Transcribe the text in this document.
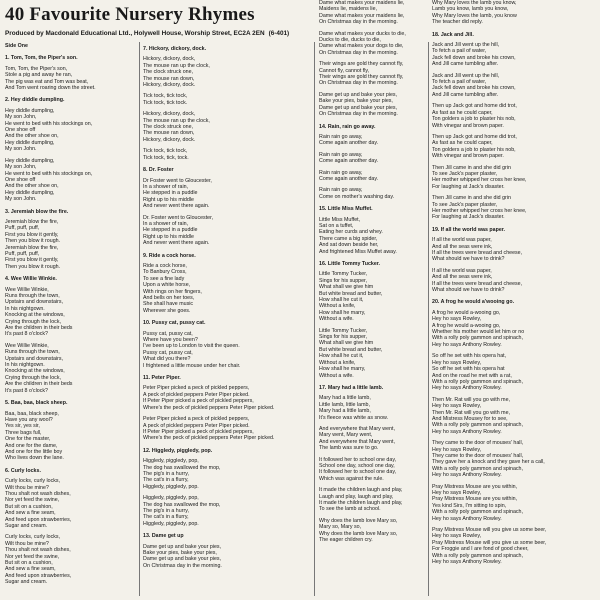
40 Favourite Nursery Rhymes
Produced by Macdonald Educational Ltd., Holywell House, Worship Street, EC2A 2EN (6-401)
Side One
1. Tom, Tom, the Piper's son.

Tom, Tom, the Piper's son,
Stole a pig and away he ran,
The pig was eat and Tom was beat,
And Tom went roaring down the street.

2. Hey diddle dumpling.

Hey diddle dumpling,
My son John,
He went to bed with his stockings on,
One shoe off
And the other shoe on,
Hey diddle dumpling,
My son John.

Hey diddle dumpling,
My son John,
He went to bed with his stockings on,
One shoe off
And the other shoe on,
Hey diddle dumpling,
My son John.

3. Jeremiah blow the fire.

Jeremiah blow the fire,
Puff, puff, puff,
First you blow it gently,
Then you blow it rough.
Jeremiah blow the fire,
Puff, puff, puff,
First you blow it gently,
Then you blow it rough.

4. Wee Willie Winkie.

Wee Willie Winkie,
Runs through the town,
Upstairs and downstairs,
In his nightgown.
Knocking at the windows,
Crying through the lock,
Are the children in their beds
It's past 8 o'clock?

Wee Willie Winkie,
Runs through the town,
Upstairs and downstairs,
In his nightgown.
Knocking at the windows,
Crying through the lock,
Are the children in their beds
It's past 8 o'clock?

5. Baa, baa, black sheep.

Baa, baa, black sheep,
Have you any wool?
Yes sir, yes sir,
Three bags full,
One for the master,
And one for the dame,
And one for the little boy
Who lives down the lane.

6. Curly locks.

Curly locks, curly locks,
Wilt thou be mine?
Thou shalt not wash dishes,
Nor yet feed the swine,
But sit on a cushion,
And sew a fine seam,
And feed upon strawberries,
Sugar and cream.

Curly locks, curly locks,
Wilt thou be mine?
Thou shalt not wash dishes,
Nor yet feed the swine,
But sit on a cushion,
And sew a fine seam,
And feed upon strawberries,
Sugar and cream.

7. Hickory, dickory, dock.

Hickory, dickory, dock,
The mouse ran up the clock,
The clock struck one,
The mouse ran down,
Hickory, dickory, dock.

Tick tock, tick tock,
Tick tock, tick tock.

Hickory, dickory, dock,
The mouse ran up the clock,
The clock struck one,
The mouse ran down,
Hickory, dickory, dock.

Tick tock, tick tock,
Tick tock, tick, tock.

8. Dr. Foster

Dr Foster went to Gloucester,
In a shower of rain,
He stepped in a puddle
Right up to his middle
And never went there again.

Dr. Foster went to Gloucester,
In a shower of rain,
He stepped in a puddle
Right up to his middle
And never went there again.

9. Ride a cock horse.

Ride a cock horse,
To Banbury Cross,
To see a fine lady
Upon a white horse,
With rings on her fingers,
And bells on her toes,
She shall have music
Wherever she goes.

10. Pussy cat, pussy cat.

Pussy cat, pussy cat,
Where have you been?
I've been up to London to visit the queen.
Pussy cat, pussy cat,
What did you there?
I frightened a little mouse under her chair.

11. Peter Piper.

Peter Piper picked a peck of pickled peppers,
A peck of pickled peppers Peter Piper picked.
If Peter Piper picked a peck of pickled peppers,
Where's the peck of pickled peppers Peter Piper picked.

Peter Piper picked a peck of pickled peppers,
A peck of pickled peppers Peter Piper picked.
If Peter Piper picked a peck of pickled peppers,
Where's the peck of pickled peppers Peter Piper picked.

12. Higgledy, piggledy, pop.

Higgledy, piggledy, pop,
The dog has swallowed the mop,
The pig's in a hurry,
The cat's in a flurry,
Higgledy, piggledy, pop.

Higgledy, piggledy, pop,
The dog has swallowed the mop,
The pig's in a hurry,
The cat's in a flurry,
Higgledy, piggledy, pop.

13. Dame get up

Dame get up and bake your pies,
Bake your pies, bake your pies,
Dame get up and bake your pies,
On Christmas day in the morning.

Dame what makes your maidens lie,
Maidens lie, maidens lie,
Dame what makes your maidens lie,
On Christmas day in the morning.

Dame what makes your ducks to die,
Ducks to die, ducks to die,
Dame what makes your dogs to die,
On Christmas day in the morning.

Their wings are gold they cannot fly,
Cannot fly, cannot fly,
Their wings are gold they cannot fly,
On Christmas day in the morning.

Dame get up and bake your pies,
Bake your pies, bake your pies,
Dame get up and bake your pies,
On Christmas day in the morning.

14. Rain, rain go away.

Rain rain go away,
Come again another day.

Rain rain go away,
Come again another day.

Rain rain go away,
Come again another day.

Rain rain go away,
Come on mother's washing day.

15. Little Miss Muffet.

Little Miss Muffet,
Sat on a tuffet,
Eating her curds and whey.
There came a big spider,
And sat down beside her,
And frightened Miss Muffet away.

16. Little Tommy Tucker.

Little Tommy Tucker,
Sings for his supper,
What shall we give him
But white bread and butter,
How shall he cut it,
Without a knife,
How shall he marry,
Without a wife.

Little Tommy Tucker,
Sings for his supper,
What shall we give him
But white bread and butter,
How shall he cut it,
Without a knife,
How shall he marry,
Without a wife.

17. Mary had a little lamb.

Mary had a little lamb,
Little lamb, little lamb,
Mary had a little lamb,
It's fleece was white as snow.

And everywhere that Mary went,
Mary went, Mary went,
And everywhere that Mary went,
The lamb was sure to go.

It followed her to school one day,
School one day, school one day,
It followed her to school one day,
Which was against the rule.

It made the children laugh and play,
Laugh and play, laugh and play,
It made the children laugh and play,
To see the lamb at school.

Why does the lamb love Mary so,
Mary so, Mary so,
Why does the lamb love Mary so,
The eager children cry.

Why Mary loves the lamb you know,
Lamb you know, lamb you know,
Why Mary loves the lamb, you know
The teacher did reply.

18. Jack and Jill.

Jack and Jill went up the hill,
To fetch a pail of water,
Jack fell down and broke his crown,
And Jill came tumbling after.

Jack and Jill went up the hill,
To fetch a pail of water,
Jack fell down and broke his crown,
And Jill came tumbling after.

Then up Jack got and home did trot,
As fast as he could caper,
Ton golders a job to plaster his nob,
With vinegar and brown paper.

Then up Jack got and home did trot,
As fast as he could caper,
Ton golders a job to plaster his nob,
With vinegar and brown paper.

Then Jill came in and she did grin
To see Jack's paper plaster,
Her mother whipped her cross her knee,
For laughing at Jack's disaster.

Then Jill came in and she did grin
To see Jack's paper plaster,
Her mother whipped her cross her knee,
For laughing at Jack's disaster.

19. If all the world was paper.

If all the world was paper,
And all the seas were ink,
If all the trees were bread and cheese,
What should we have to drink?

If all the world was paper,
And all the seas were ink,
If all the trees were bread and cheese,
What should we have to drink?

20. A frog he would a'wooing go.

A frog he would a-wooing go,
Hey ho says Rowley,
A frog he would a-wooing go,
Whether his mother would let him or no
With a rolly poly gammon and spinach,
Hey ho says Anthony Rowley.

So off he set with his opera hat,
Hey ho says Rowley,
So off he set with his opera hat
And on the road he met with a rat,
With a rolly poly gammon and spinach,
Hey ho says Anthony Rowley.

Then Mr. Rat will you go with me,
Hey ho says Rowley,
Then Mr. Rat will you go with me,
And Mistress Mousey for to see,
With a rolly poly gammon and spinach,
Hey ho says Anthony Rowley.

They came to the door of mouses' hall,
Hey ho says Rowley,
They came to the door of mouses' hall,
They gave her a knock and they gave her a call,
With a rolly poly gammon and spinach,
Hey ho says Anthony Rowley.

Pray Mistress Mouse are you within,
Hey ho says Rowley,
Pray Mistress Mouse are you within,
Yes kind Sirs, I'm sitting to spin,
With a rolly poly gammon and spinach,
Hey ho says Anthony Rowley.

Pray Mistress Mouse will you give us some beer,
Hey ho says Rowley,
Pray Mistress Mouse will you give us some beer,
For Froggie and I are fond of good cheer,
With a rolly poly gammon and spinach,
Hey ho says Anthony Rowley.
